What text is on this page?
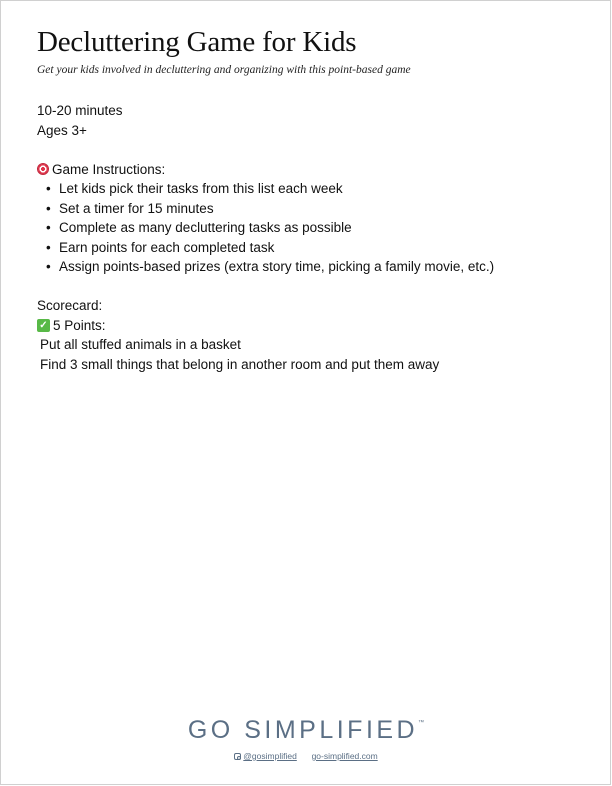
Decluttering Game for Kids
Get your kids involved in decluttering and organizing with this point-based game
10-20 minutes
Ages 3+
Game Instructions:
• Let kids pick their tasks from this list each week
• Set a timer for 15 minutes
• Complete as many decluttering tasks as possible
• Earn points for each completed task
• Assign points-based prizes (extra story time, picking a family movie, etc.)
Scorecard:
✓ 5 Points:
Put all stuffed animals in a basket
Find 3 small things that belong in another room and put them away
GO SIMPLIFIED™
@gosimplified go-simplified.com
